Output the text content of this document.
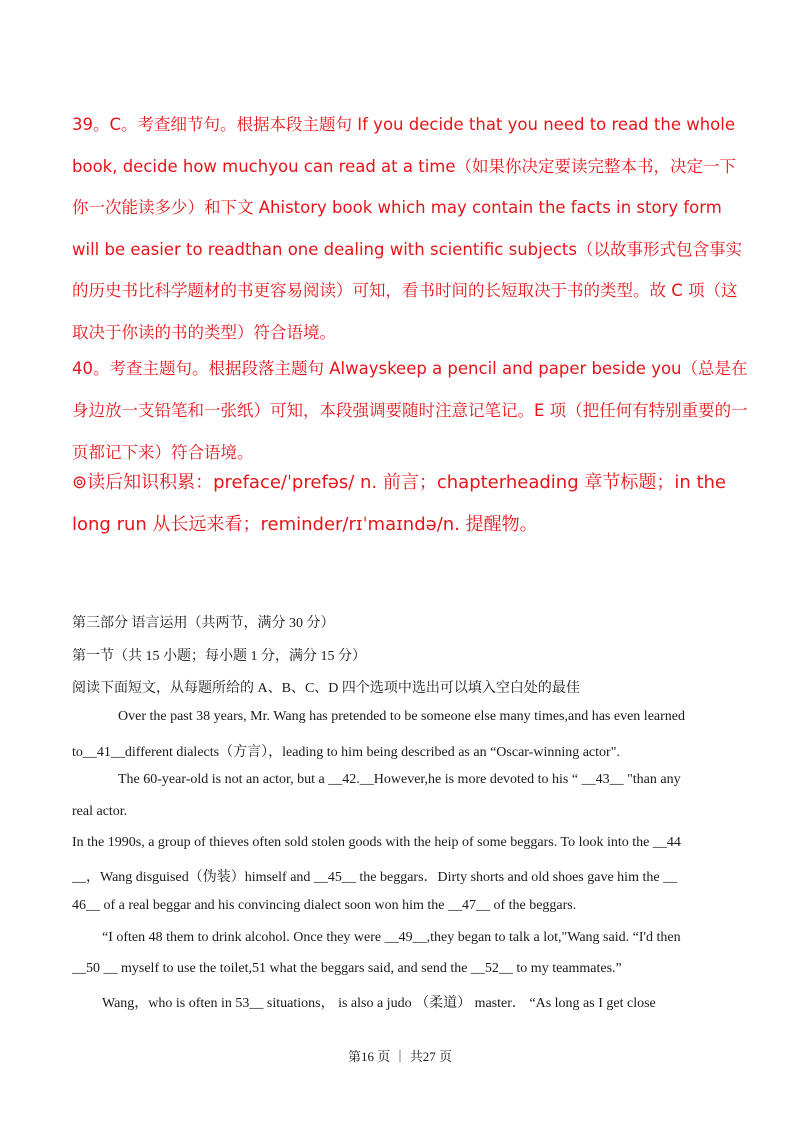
39。C。考查细节句。根据本段主题句 If you decide that you need to read the whole book, decide how muchyou can read at a time（如果你决定要读完整本书，决定一下你一次能读多少）和下文 Ahistory book which may contain the facts in story form will be easier to readthan one dealing with scientific subjects（以故事形式包含事实的历史书比科学题材的书更容易阅读）可知，看书时间的长短取决于书的类型。故 C 项（这取决于你读的书的类型）符合语境。

40。考查主题句。根据段落主题句 Alwayskeep a pencil and paper beside you（总是在身边放一支铅笔和一张纸）可知，本段强调要随时注意记笔记。E 项（把任何有特别重要的一页都记下来）符合语境。

⊚读后知识积累：preface/ˈprefəs/ n. 前言；chapterheading 章节标题；in the long run 从长远来看；reminder/rɪˈmaɪndə/n. 提醒物。

第三部分 语言运用（共两节，满分 30 分）
第一节（共 15 小题；每小题 1 分，满分 15 分）
阅读下面短文，从每题所给的 A、B、C、D 四个选项中选出可以填入空白处的最佳
Over the past 38 years, Mr. Wang has pretended to be someone else many times,and has even learned
to__41__different dialects（方言），leading to him being described as an “Oscar-winning actor".
The 60-year-old is not an actor, but a __42.__However,he is more devoted to his “ __43__ "than any
real actor.
In the 1990s, a group of thieves often sold stolen goods with the heip of some beggars. To look into the __44
__，Wang disguised（伪装）himself and __45__ the beggars．Dirty shorts and old shoes gave him the __
46__ of a real beggar and his convincing dialect soon won him the __47__ of the beggars.
“I often 48 them to drink alcohol. Once they were __49__,they began to talk a lot,"Wang said. “I'd then
__50 __ myself to use the toilet,51 what the beggars said, and send the __52__ to my teammates.”
Wang，who is often in 53__ situations， is also a judo （柔道） master． “As long as I get close
第16 页 ｜ 共27 页
